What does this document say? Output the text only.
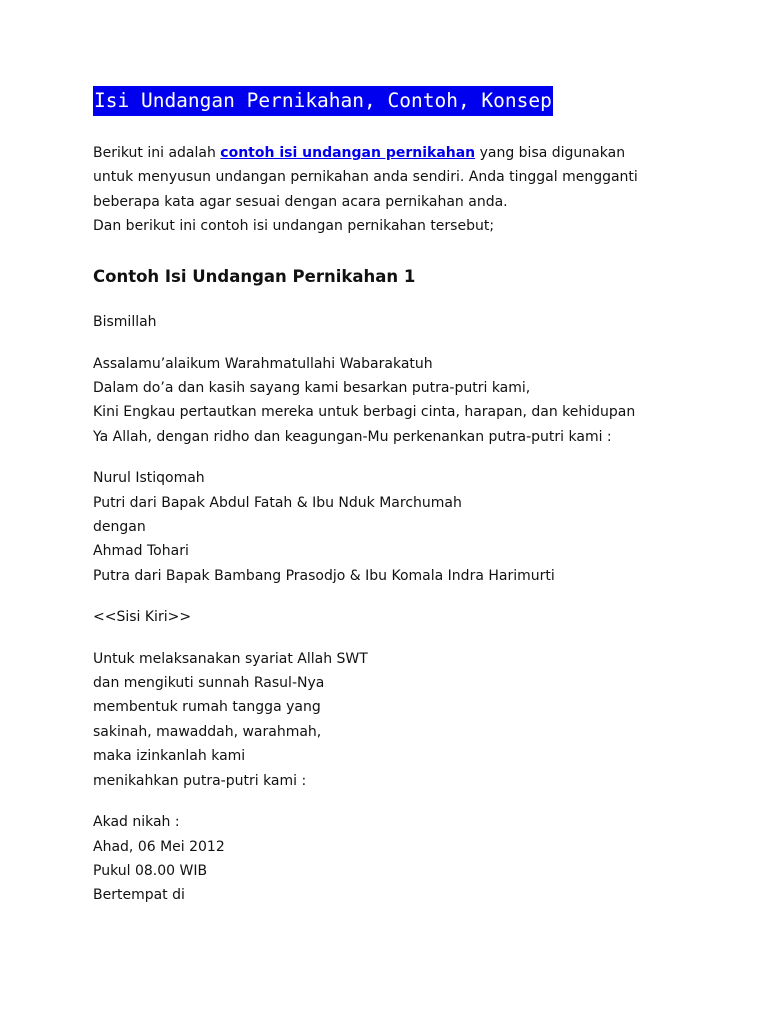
Isi Undangan Pernikahan, Contoh, Konsep
Berikut ini adalah contoh isi undangan pernikahan yang bisa digunakan
untuk menyusun undangan pernikahan anda sendiri. Anda tinggal mengganti
beberapa kata agar sesuai dengan acara pernikahan anda.
Dan berikut ini contoh isi undangan pernikahan tersebut;
Contoh Isi Undangan Pernikahan 1
Bismillah
Assalamu’alaikum Warahmatullahi Wabarakatuh
Dalam do’a dan kasih sayang kami besarkan putra-putri kami,
Kini Engkau pertautkan mereka untuk berbagi cinta, harapan, dan kehidupan
Ya Allah, dengan ridho dan keagungan-Mu perkenankan putra-putri kami :
Nurul Istiqomah
Putri dari Bapak Abdul Fatah & Ibu Nduk Marchumah
dengan
Ahmad Tohari
Putra dari Bapak Bambang Prasodjo & Ibu Komala Indra Harimurti
<<Sisi Kiri>>
Untuk melaksanakan syariat Allah SWT
dan mengikuti sunnah Rasul-Nya
membentuk rumah tangga yang
sakinah, mawaddah, warahmah,
maka izinkanlah kami
menikahkan putra-putri kami :
Akad nikah :
Ahad, 06 Mei 2012
Pukul 08.00 WIB
Bertempat di
